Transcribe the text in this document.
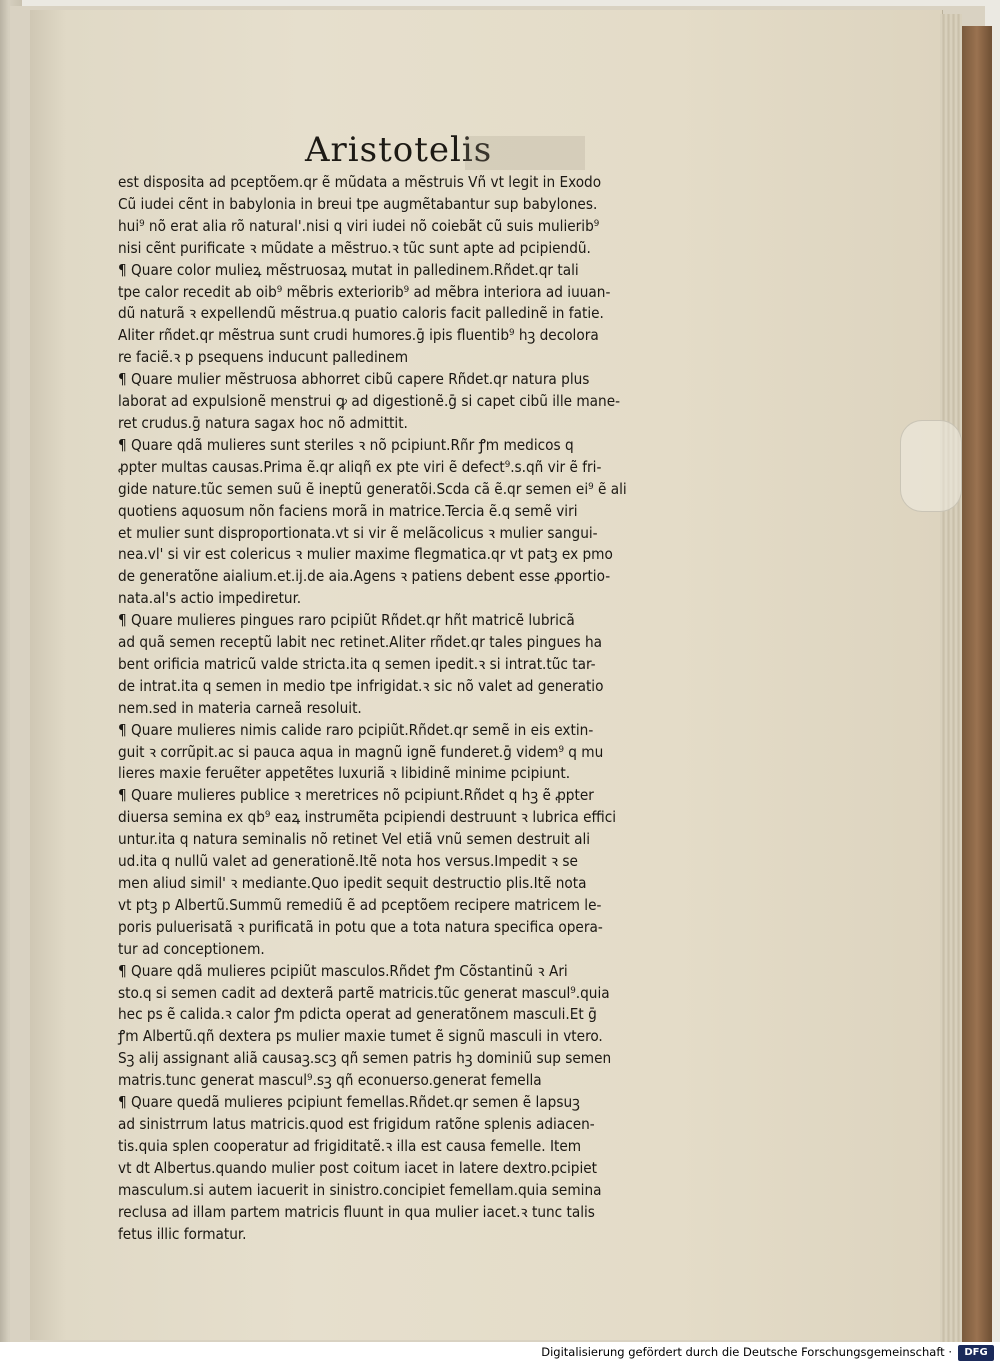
Aristotelis
est disposita ad pceptõem.qr ẽ mũdata a mẽstruis Vñ vt legit in Exodo
Cũ iudei cẽnt in babylonia in breui tpe augmẽtabantur sup babylones.
hui⁹ nõ erat alia rõ natural'.nisi q viri iudei nõ coiebãt cũ suis mulierib⁹
nisi cẽnt purificate ꝛ mũdate a mẽstruo.ꝛ tũc sunt apte ad pcipiendũ.
¶ Quare color mulieꝝ mẽstruosaꝝ mutat in palledinem.Rñdet.qr tali
tpe calor recedit ab oib⁹ mẽbris exteriorib⁹ ad mẽbra interiora ad iuuan-
dũ naturã ꝛ expellendũ mẽstrua.q puatio caloris facit palledinẽ in fatie.
Aliter rñdet.qr mẽstrua sunt crudi humores.ḡ ipis fluentib⁹ hꝫ decolora
re faciẽ.ꝛ p psequens inducunt palledinem
¶ Quare mulier mẽstruosa abhorret cibũ capere Rñdet.qr natura plus
laborat ad expulsionẽ menstrui ꝙ ad digestionẽ.ḡ si capet cibũ ille mane-
ret crudus.ḡ natura sagax hoc nõ admittit.
¶ Quare qdã mulieres sunt steriles ꝛ nõ pcipiunt.Rñr ꝭm medicos q
ꝓpter multas causas.Prima ẽ.qr aliqñ ex pte viri ẽ defect⁹.s.qñ vir ẽ fri-
gide nature.tũc semen suũ ẽ ineptũ generatõi.Scda cã ẽ.qr semen ei⁹ ẽ ali
quotiens aquosum nõn faciens morã in matrice.Tercia ẽ.q semẽ viri
et mulier sunt disproportionata.vt si vir ẽ melãcolicus ꝛ mulier sangui-
nea.vl' si vir est colericus ꝛ mulier maxime flegmatica.qr vt patꝫ ex pmo
de generatõne aialium.et.ij.de aia.Agens ꝛ patiens debent esse ꝓportio-
nata.al's actio impediretur.
¶ Quare mulieres pingues raro pcipiũt Rñdet.qr hñt matricẽ lubricã
ad quã semen receptũ labit nec retinet.Aliter rñdet.qr tales pingues ha
bent orificia matricũ valde stricta.ita q semen ipedit.ꝛ si intrat.tũc tar-
de intrat.ita q semen in medio tpe infrigidat.ꝛ sic nõ valet ad generatio
nem.sed in materia carneã resoluit.
¶ Quare mulieres nimis calide raro pcipiũt.Rñdet.qr semẽ in eis extin-
guit ꝛ corrũpit.ac si pauca aqua in magnũ ignẽ funderet.ḡ videm⁹ q mu
lieres maxie feruẽter appetẽtes luxuriã ꝛ libidinẽ minime pcipiunt.
¶ Quare mulieres publice ꝛ meretrices nõ pcipiunt.Rñdet q hꝫ ẽ ꝓpter
diuersa semina ex qb⁹ eaꝝ instrumẽta pcipiendi destruunt ꝛ lubrica effici
untur.ita q natura seminalis nõ retinet Vel etiã vnũ semen destruit ali
ud.ita q nullũ valet ad generationẽ.Itẽ nota hos versus.Impedit ꝛ se
men aliud simil' ꝛ mediante.Quo ipedit sequit destructio plis.Itẽ nota
vt ptꝫ p Albertũ.Summũ remediũ ẽ ad pceptõem recipere matricem le-
poris puluerisatã ꝛ purificatã in potu que a tota natura specifica opera-
tur ad conceptionem.
¶ Quare qdã mulieres pcipiũt masculos.Rñdet ꝭm Cõstantinũ ꝛ Ari
sto.q si semen cadit ad dexterã partẽ matricis.tũc generat mascul⁹.quia
hec ps ẽ calida.ꝛ calor ꝭm pdicta operat ad generatõnem masculi.Et ḡ
ꝭm Albertũ.qñ dextera ps mulier maxie tumet ẽ signũ masculi in vtero.
Sꝫ alij assignant aliã causaꝫ.scꝫ qñ semen patris hꝫ dominiũ sup semen
matris.tunc generat mascul⁹.sꝫ qñ econuerso.generat femella
¶ Quare quedã mulieres pcipiunt femellas.Rñdet.qr semen ẽ lapsuꝫ
ad sinistrrum latus matricis.quod est frigidum ratõne splenis adiacen-
tis.quia splen cooperatur ad frigiditatẽ.ꝛ illa est causa femelle. Item
vt dt Albertus.quando mulier post coitum iacet in latere dextro.pcipiet
masculum.si autem iacuerit in sinistro.concipiet femellam.quia semina
reclusa ad illam partem matricis fluunt in qua mulier iacet.ꝛ tunc talis
fetus illic formatur.
Digitalisierung gefördert durch die Deutsche Forschungsgemeinschaft ·	DFG
